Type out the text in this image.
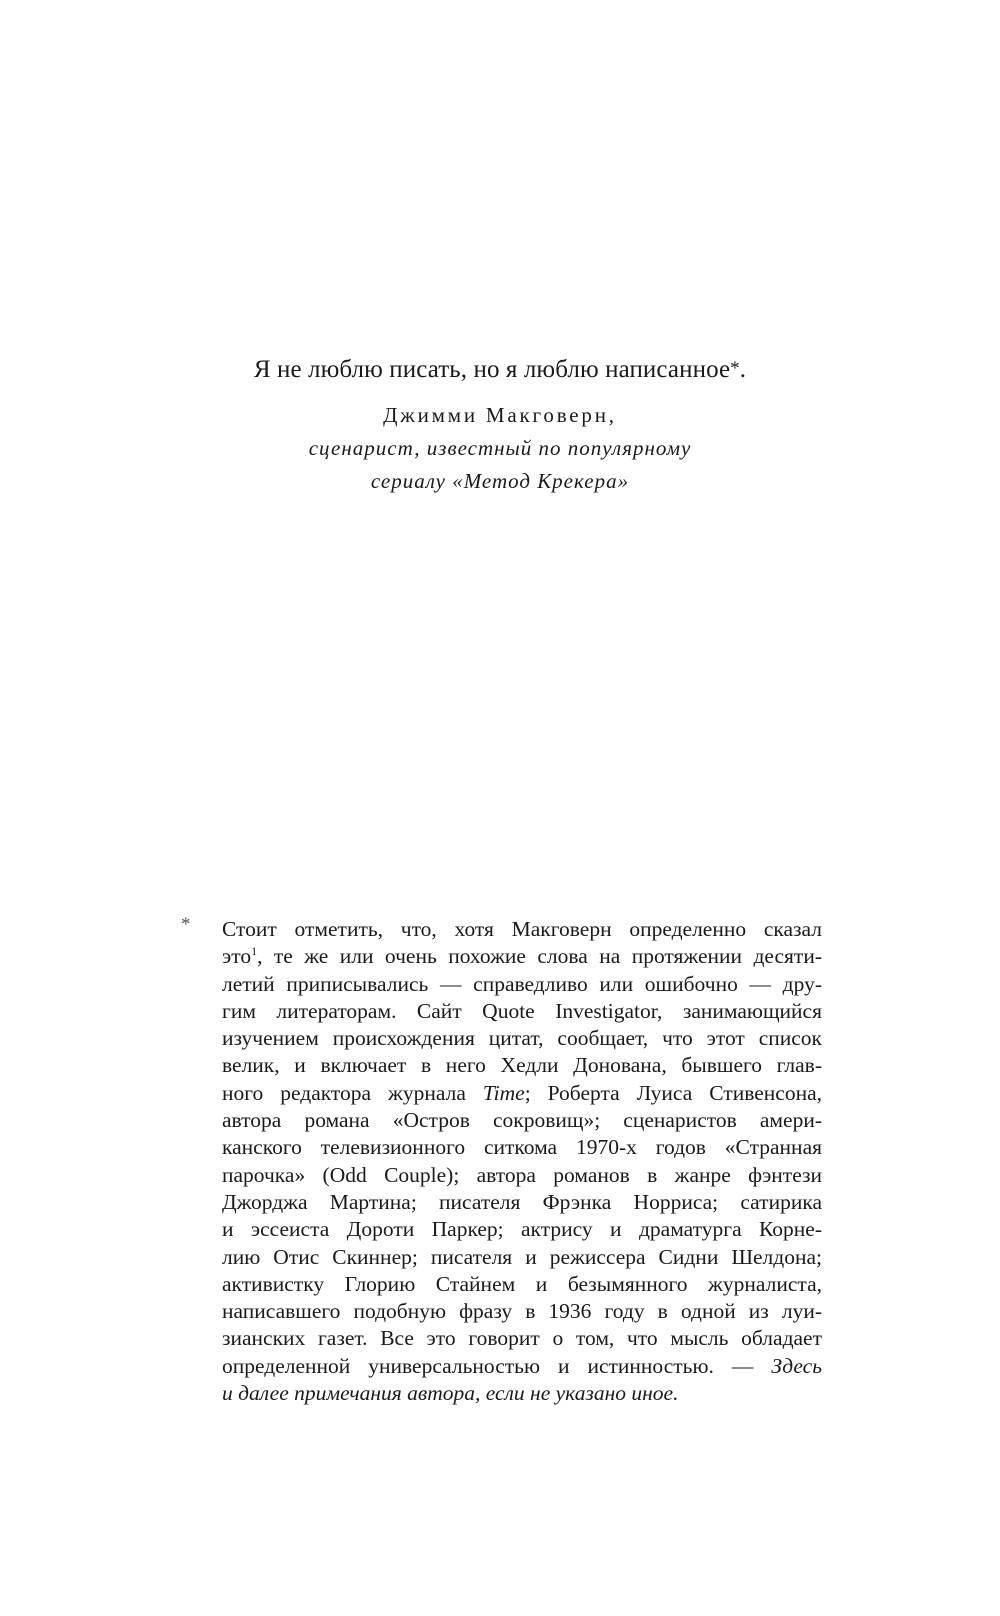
Я не люблю писать, но я люблю написанное*.

Джимми Макговерн,

сценарист, известный по популярному
сериалу «Метод Крекера»

* Стоит отметить, что, хотя Макговерн определенно сказал
это$^1$, те же или очень похожие слова на протяжении десяти-
летий приписывались — справедливо или ошибочно — дру-
гим литераторам. Сайт Quote Investigator, занимающийся
изучением происхождения цитат, сообщает, что этот список
велик, и включает в него Хедли Донована, бывшего глав-
ного редактора журнала Time; Роберта Луиса Стивенсона,
автора романа «Остров сокровищ»; сценаристов амери-
канского телевизионного ситкома 1970-х годов «Странная
парочка» (Odd Couple); автора романов в жанре фэнтези
Джорджа Мартина; писателя Фрэнка Норриса; сатирика
и эссеиста Дороти Паркер; актрису и драматурга Корне-
лию Отис Скиннер; писателя и режиссера Сидни Шелдона;
активистку Глорию Стайнем и безымянного журналиста,
написавшего подобную фразу в 1936 году в одной из луи-
зианских газет. Все это говорит о том, что мысль обладает
определенной универсальностью и истинностью. — Здесь
и далее примечания автора, если не указано иное.
